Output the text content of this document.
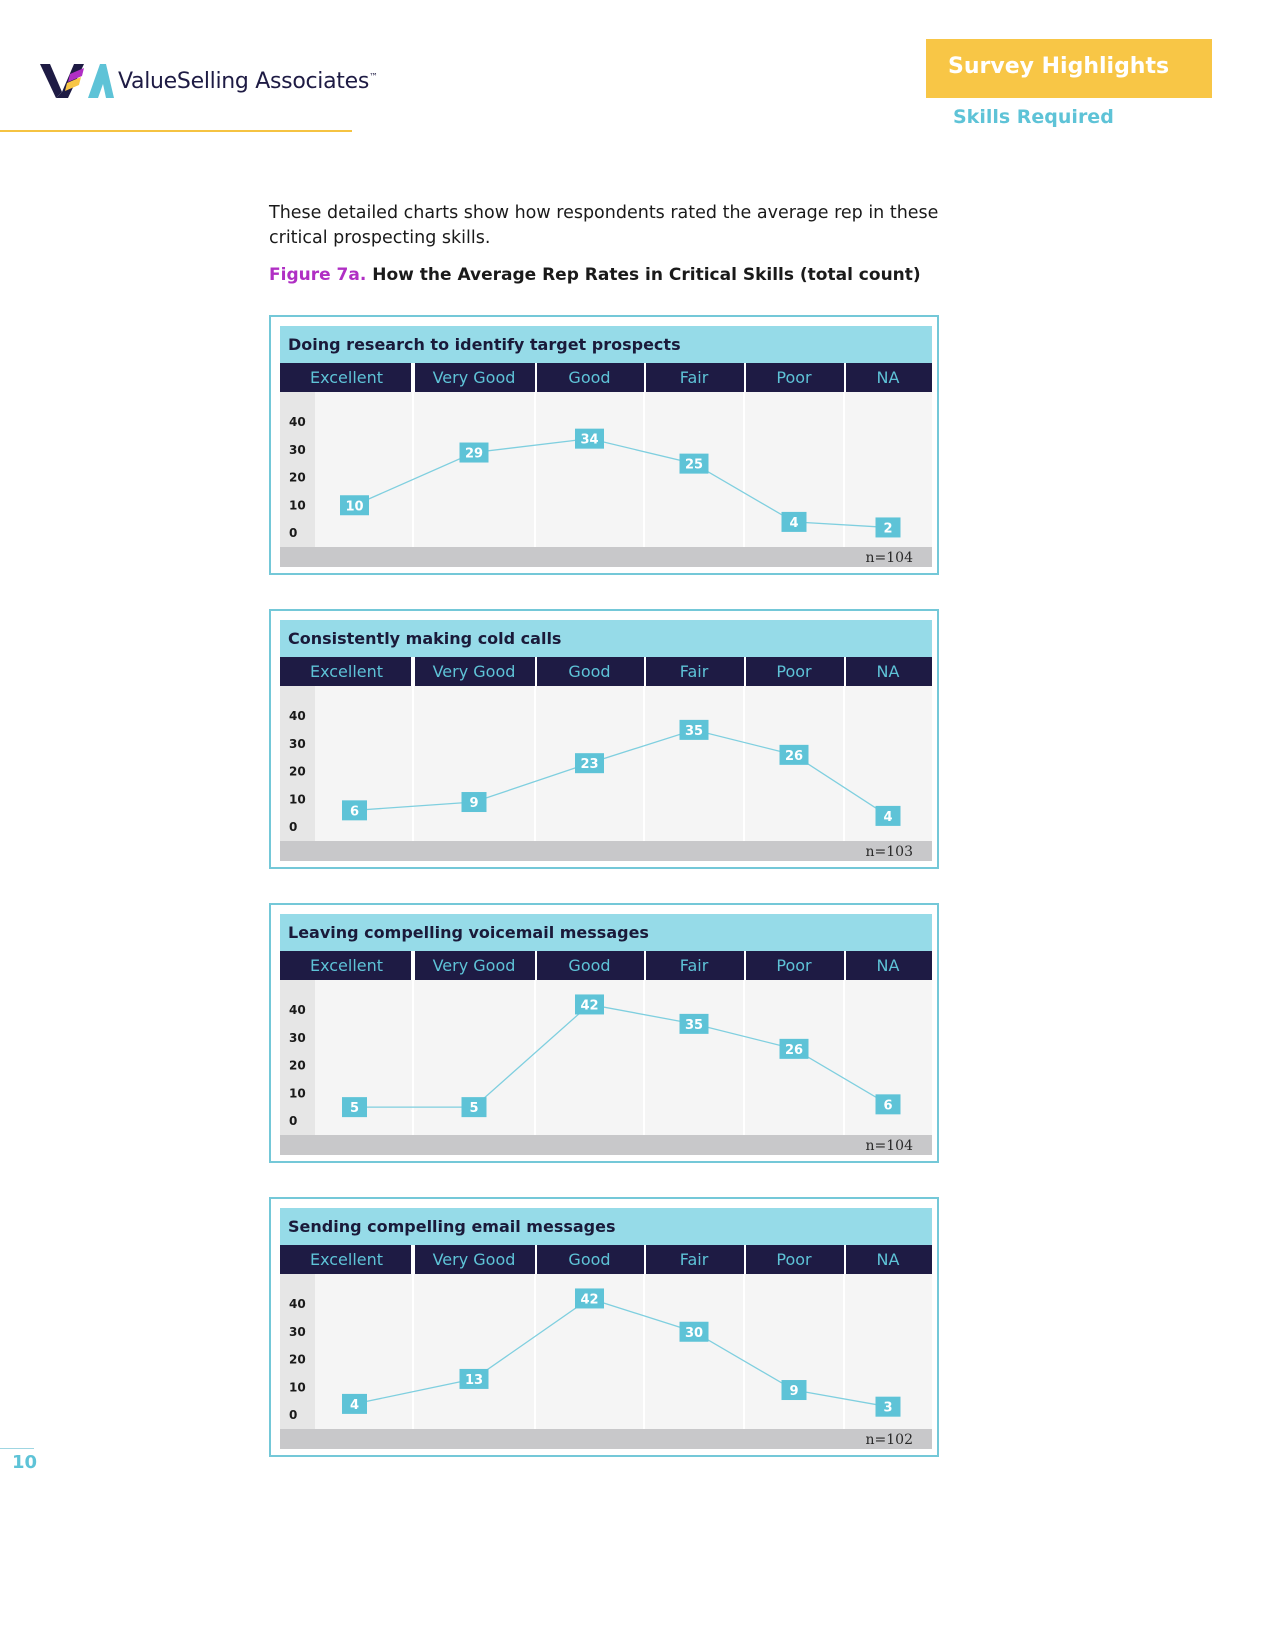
ValueSelling Associates™	Survey Highlights
Skills Required
These detailed charts show how respondents rated the average rep in these critical prospecting skills.
Figure 7a. How the Average Rep Rates in Critical Skills (total count)
Doing research to identify target prospects
Excellent	Very Good	Good	Fair	Poor	NA
n=104
0
10
20
30
40
10
29
34
25
4	2
Consistently making cold calls
Excellent	Very Good	Good	Fair	Poor	NA
n=103
0
10
20
30
40
6
9
23
35
26
4
Leaving compelling voicemail messages
Excellent	Very Good	Good	Fair	Poor	NA
n=104
0
10
20
30
40
5	5
42
35
26
6
Sending compelling email messages
Excellent	Very Good	Good	Fair	Poor	NA
n=102
0
10
20
30
40
4
13
42
30
9
3
10
